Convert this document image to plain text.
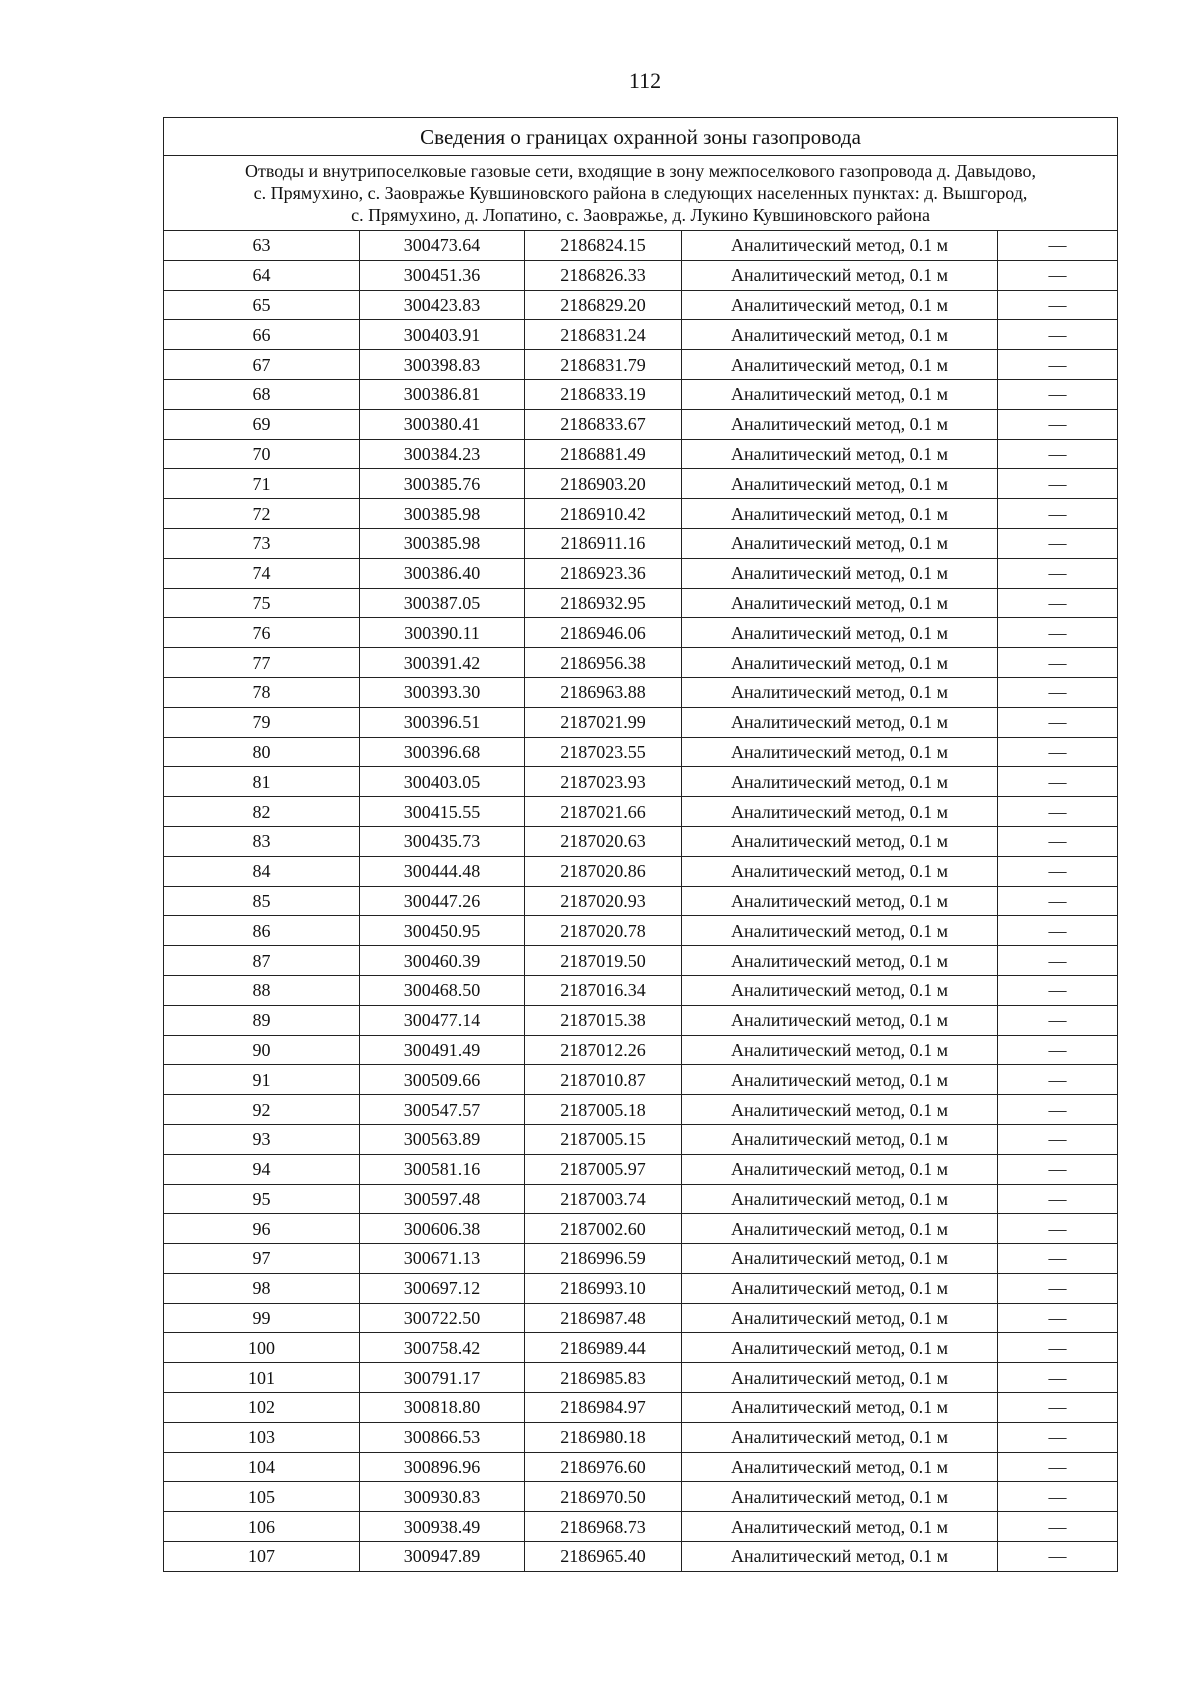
112
Сведения о границах охранной зоны газопровода				

Отводы и внутрипоселковые газовые сети, входящие в зону межпоселкового газопровода д. Давыдово,
с. Прямухино, с. Заовражье Кувшиновского района в следующих населенных пунктах: д. Вышгород,
с. Прямухино, д. Лопатино, с. Заовражье, д. Лукино Кувшиновского района				

63	300473.64	2186824.15	Аналитический метод, 0.1 м	—
64	300451.36	2186826.33	Аналитический метод, 0.1 м	—
65	300423.83	2186829.20	Аналитический метод, 0.1 м	—
66	300403.91	2186831.24	Аналитический метод, 0.1 м	—
67	300398.83	2186831.79	Аналитический метод, 0.1 м	—
68	300386.81	2186833.19	Аналитический метод, 0.1 м	—
69	300380.41	2186833.67	Аналитический метод, 0.1 м	—
70	300384.23	2186881.49	Аналитический метод, 0.1 м	—
71	300385.76	2186903.20	Аналитический метод, 0.1 м	—
72	300385.98	2186910.42	Аналитический метод, 0.1 м	—
73	300385.98	2186911.16	Аналитический метод, 0.1 м	—
74	300386.40	2186923.36	Аналитический метод, 0.1 м	—
75	300387.05	2186932.95	Аналитический метод, 0.1 м	—
76	300390.11	2186946.06	Аналитический метод, 0.1 м	—
77	300391.42	2186956.38	Аналитический метод, 0.1 м	—
78	300393.30	2186963.88	Аналитический метод, 0.1 м	—
79	300396.51	2187021.99	Аналитический метод, 0.1 м	—
80	300396.68	2187023.55	Аналитический метод, 0.1 м	—
81	300403.05	2187023.93	Аналитический метод, 0.1 м	—
82	300415.55	2187021.66	Аналитический метод, 0.1 м	—
83	300435.73	2187020.63	Аналитический метод, 0.1 м	—
84	300444.48	2187020.86	Аналитический метод, 0.1 м	—
85	300447.26	2187020.93	Аналитический метод, 0.1 м	—
86	300450.95	2187020.78	Аналитический метод, 0.1 м	—
87	300460.39	2187019.50	Аналитический метод, 0.1 м	—
88	300468.50	2187016.34	Аналитический метод, 0.1 м	—
89	300477.14	2187015.38	Аналитический метод, 0.1 м	—
90	300491.49	2187012.26	Аналитический метод, 0.1 м	—
91	300509.66	2187010.87	Аналитический метод, 0.1 м	—
92	300547.57	2187005.18	Аналитический метод, 0.1 м	—
93	300563.89	2187005.15	Аналитический метод, 0.1 м	—
94	300581.16	2187005.97	Аналитический метод, 0.1 м	—
95	300597.48	2187003.74	Аналитический метод, 0.1 м	—
96	300606.38	2187002.60	Аналитический метод, 0.1 м	—
97	300671.13	2186996.59	Аналитический метод, 0.1 м	—
98	300697.12	2186993.10	Аналитический метод, 0.1 м	—
99	300722.50	2186987.48	Аналитический метод, 0.1 м	—
100	300758.42	2186989.44	Аналитический метод, 0.1 м	—
101	300791.17	2186985.83	Аналитический метод, 0.1 м	—
102	300818.80	2186984.97	Аналитический метод, 0.1 м	—
103	300866.53	2186980.18	Аналитический метод, 0.1 м	—
104	300896.96	2186976.60	Аналитический метод, 0.1 м	—
105	300930.83	2186970.50	Аналитический метод, 0.1 м	—
106	300938.49	2186968.73	Аналитический метод, 0.1 м	—
107	300947.89	2186965.40	Аналитический метод, 0.1 м	—
